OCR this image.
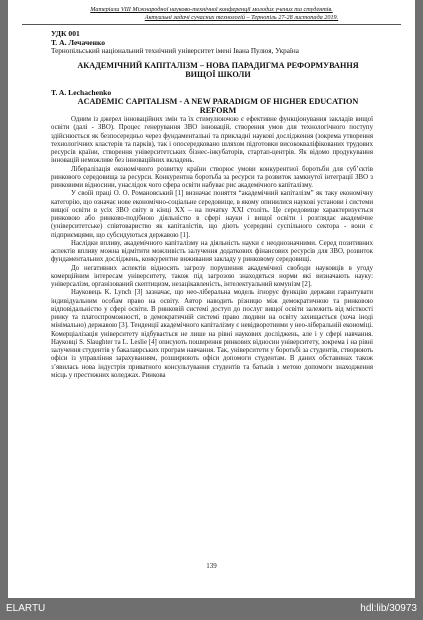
Матеріали VIII Міжнародної науково-технічної конференції молодих учених та студентів.
Актуальні задачі сучасних технологій – Тернопіль 27-28 листопада 2019.
УДК 001
Т. А. Лечаченко
Тернопільський національний технічний університет імені Івана Пулюя, Україна
АКАДЕМІЧНИЙ КАПІТАЛІЗМ – НОВА ПАРАДИГМА РЕФОРМУВАННЯ ВИЩОЇ ШКОЛИ
T. A. Lechachenko
ACADEMIC CAPITALISM - A NEW PARADIGM OF HIGHER EDUCATION REFORM

Одним із джерел інноваційних змін та їх стимулюючою є ефективне функціонування закладів вищої освіти (далі - ЗВО). Процес генерування ЗВО інновацій, створення умов для технологічного поступу здійснюється як безпосередньо через фундаментальні та прикладні наукові дослідження (зокрема утворення технологічних кластерів та парків), так і опосередковано шляхом підготовки висококваліфікованих трудових ресурсів країни, створення університетських бізнес-інкубаторів, стартап-центрів. Як відомо продукування інновацій неможливе без інноваційних вкладень.

Лібералізація економічного розвитку країни створює умови конкурентної боротьби для суб’єктів ринкового середовища за ресурси. Конкурентна боротьба за ресурси та розвиток замкнутої інтеграції ЗВО з ринковими відносини, унаслідок чого сфера освіти набуває рис академічного капіталізму.

У своїй праці О. О. Романовський [1] визначає поняття “академічний капіталізм” як таку економічну категорію, що означає нове економічно-соціальне середовище, в якому опинилися наукові установи і системи вищої освіти в усіх ЗВО світу в кінці XX – на початку XXI століть. Це середовище характеризується ринковою або ринково-подібною діяльністю в сфері науки і вищої освіти і розглядає академічне (університетське) співтовариство як капіталістів, що діють усередині суспільного сектора - вони є підприємцями, що субсидуються державою [1].

Наслідки впливу, академічного капіталізму на діяльність науки є неоднозначними. Серед позитивних аспектів впливу можна відмітити можливість залучення додаткових фінансових ресурсів для ЗВО, розвиток фундаментальних досліджень, конкурентне виживання закладу у ринковому середовищі.

До негативних аспектів відносять загрозу порушення академічної свободи науковців в угоду комерційним інтересам університету, також під загрозою знаходяться норми які визначають науку: універсалізм, організований скептицизм, незацікавленість, інтелектуальний комунізм [2].

Науковець K. Lynch [3] зазначає, що нео-ліберальна модель ігнорує функцію держави гарантувати індивідуальним особам право на освіту. Автор наводить різницю між демократичною та ринковою відповідальністю у сфері освіти. В ринковій системі доступ до послуг вищої освіти залежить від місткості ринку та платоспроможності, в демократичній системі право людини на освіту захищається (хоча іноді мінімально) державою [3]. Тенденції академічного капіталізму є невідворотними у нео-ліберальній економіці. Комерціалізація університету відбувається не лише на рівні наукових досліджень, але і у сфері навчання. Науковці S. Slaughter та L. Leslie [4] описують поширення ринкових відносин університету, зокрема і на рівні залучення студентів у бакалаврських програм навчання. Так, університети у боротьбі за студентів, створюють офіси із управління зарахуванням, розширюють офіси допомоги студентам. В даних обставинах також з’явилась нова індустрія приватного консультування студентів та батьків з метою допомоги знаходження місць у престижних коледжах. Ринкова

139
ELARTU	hdl:lib/30973
